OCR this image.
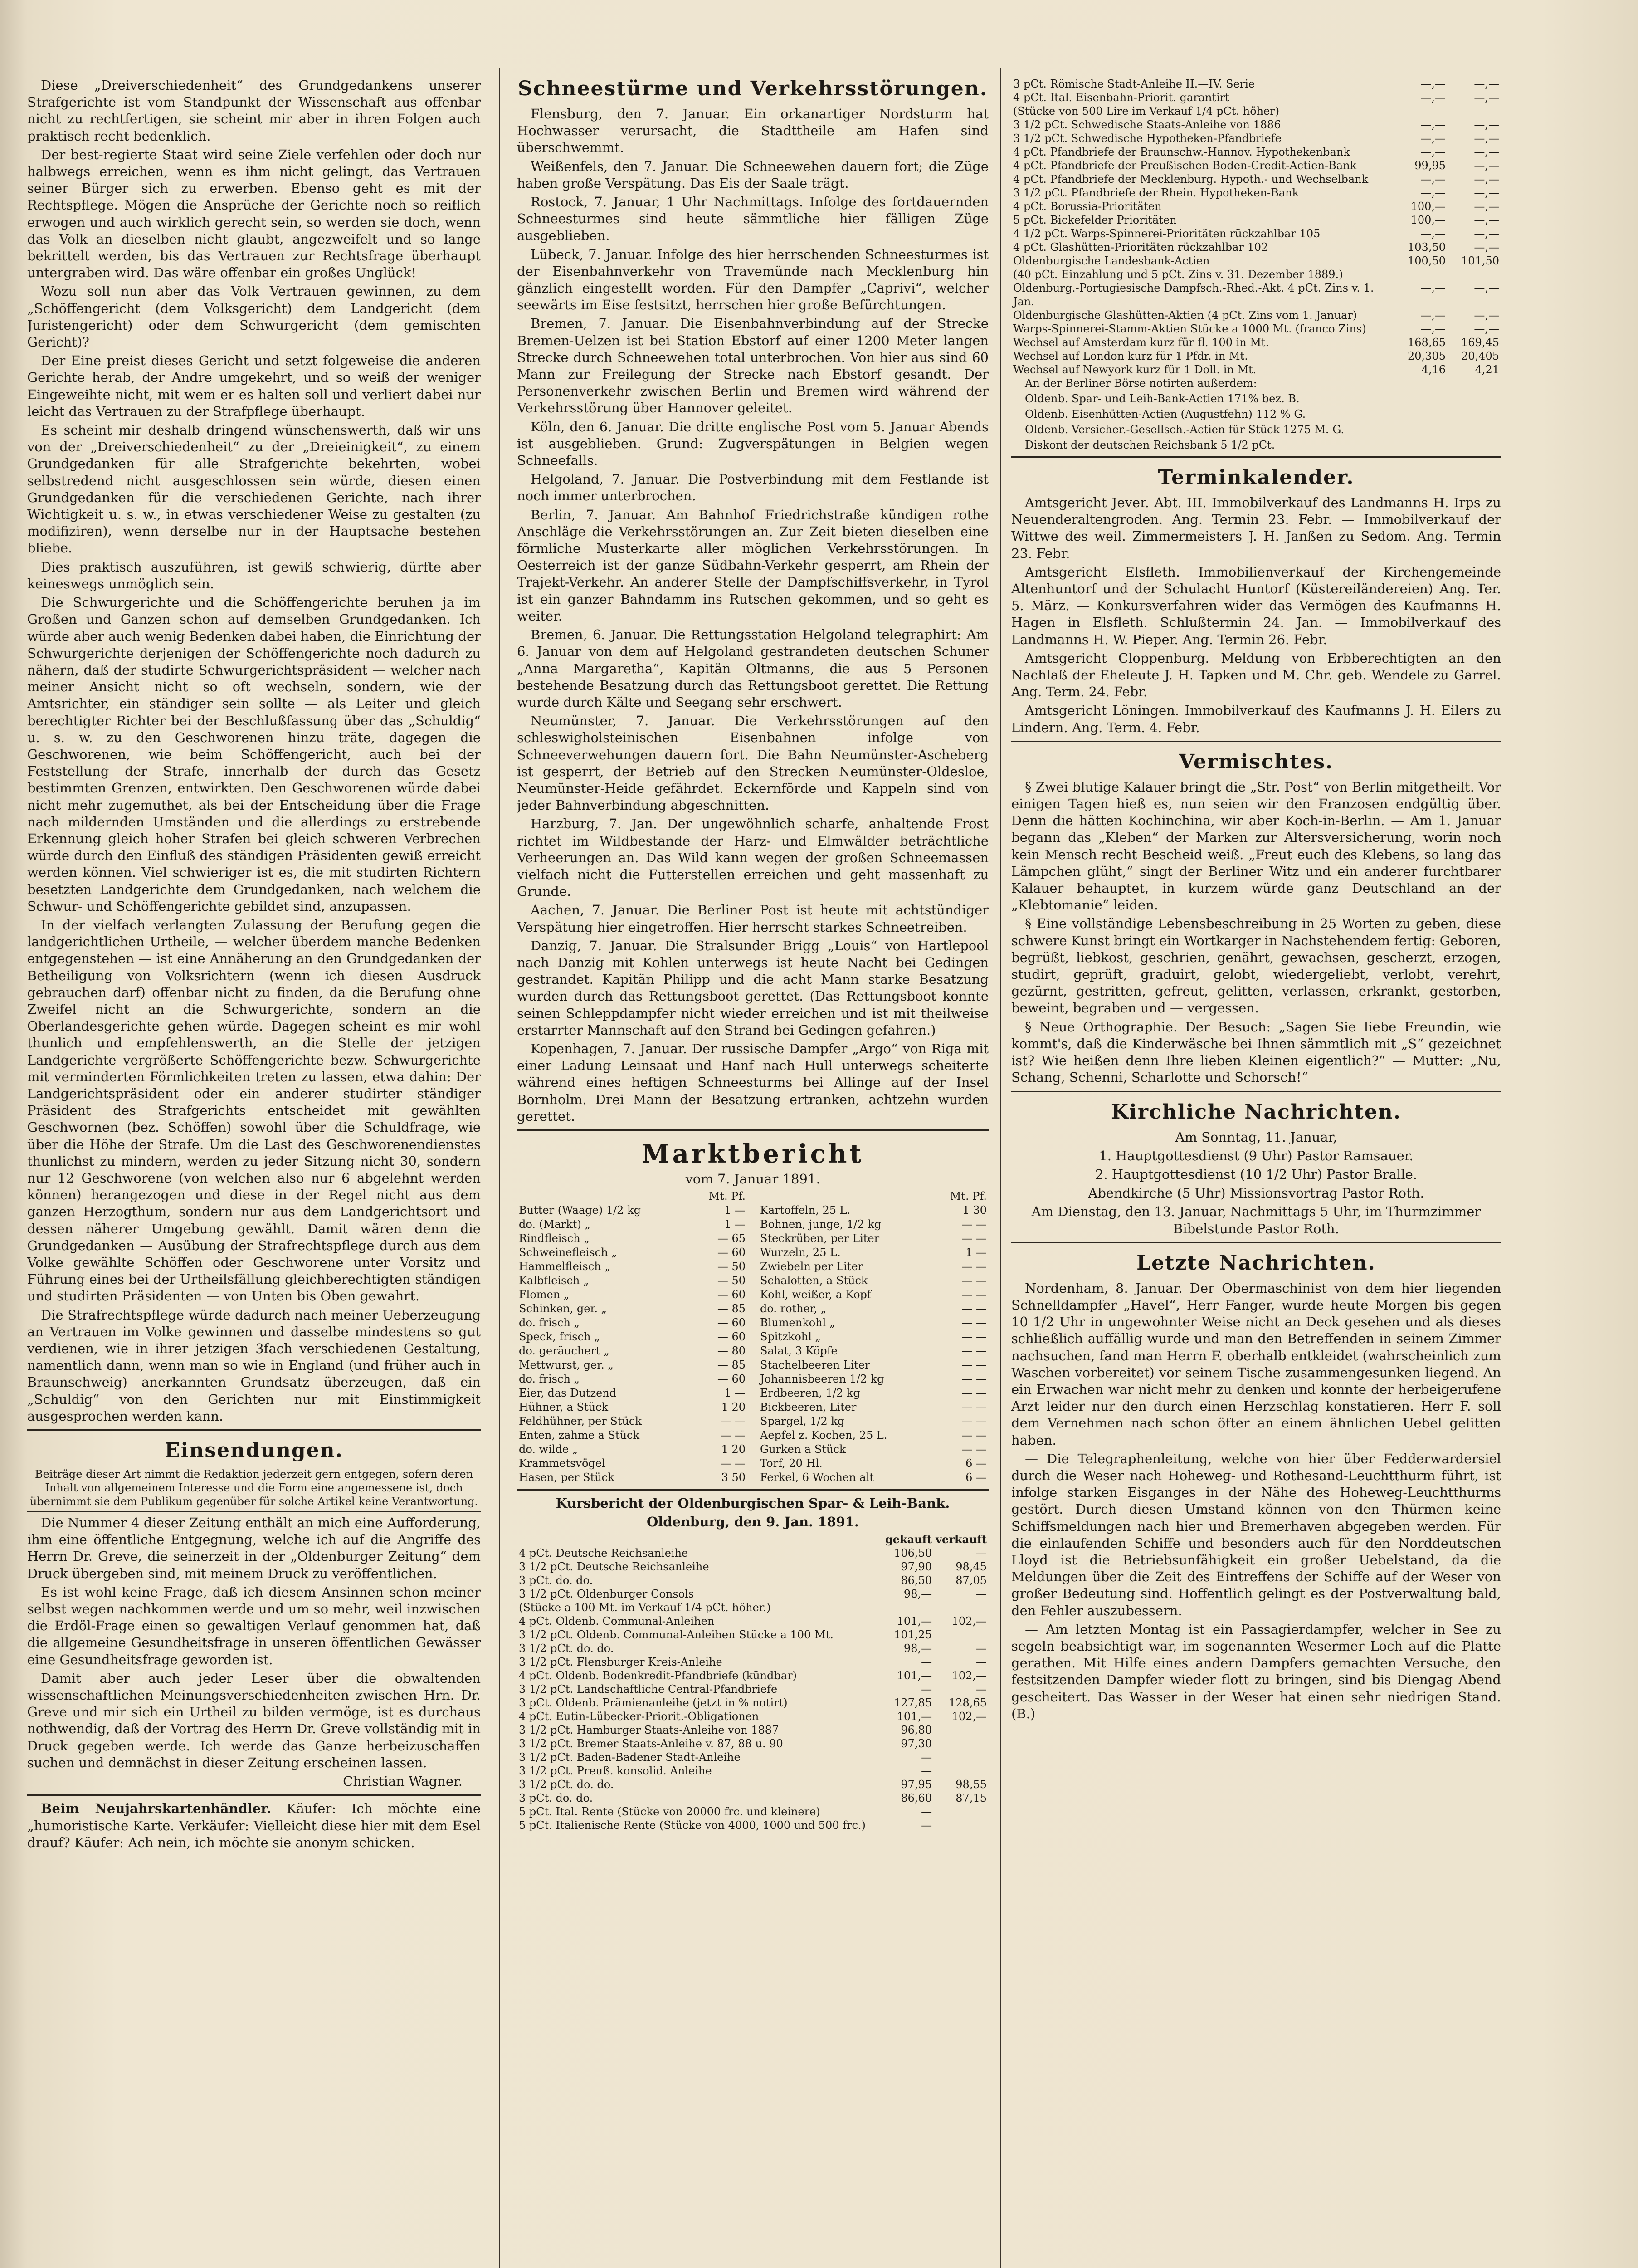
Diese „Dreiverschiedenheit“ des Grundgedankens unserer Strafgerichte ist vom Standpunkt der Wissenschaft aus offenbar nicht zu rechtfertigen, sie scheint mir aber in ihren Folgen auch praktisch recht bedenklich.

Der best-regierte Staat wird seine Ziele verfehlen oder doch nur halbwegs erreichen, wenn es ihm nicht gelingt, das Vertrauen seiner Bürger sich zu erwerben. Ebenso geht es mit der Rechtspflege. Mögen die Ansprüche der Gerichte noch so reiflich erwogen und auch wirklich gerecht sein, so werden sie doch, wenn das Volk an dieselben nicht glaubt, angezweifelt und so lange bekrittelt werden, bis das Vertrauen zur Rechtsfrage überhaupt untergraben wird. Das wäre offenbar ein großes Unglück!

Wozu soll nun aber das Volk Vertrauen gewinnen, zu dem „Schöffengericht (dem Volksgericht) dem Landgericht (dem Juristengericht) oder dem Schwurgericht (dem gemischten Gericht)?

Der Eine preist dieses Gericht und setzt folgeweise die anderen Gerichte herab, der Andre umgekehrt, und so weiß der weniger Eingeweihte nicht, mit wem er es halten soll und verliert dabei nur leicht das Vertrauen zu der Strafpflege überhaupt.

Es scheint mir deshalb dringend wünschenswerth, daß wir uns von der „Dreiverschiedenheit“ zu der „Dreieinigkeit“, zu einem Grundgedanken für alle Strafgerichte bekehrten, wobei selbstredend nicht ausgeschlossen sein würde, diesen einen Grundgedanken für die verschiedenen Gerichte, nach ihrer Wichtigkeit u. s. w., in etwas verschiedener Weise zu gestalten (zu modifiziren), wenn derselbe nur in der Hauptsache bestehen bliebe.

Dies praktisch auszuführen, ist gewiß schwierig, dürfte aber keineswegs unmöglich sein.

Die Schwurgerichte und die Schöffengerichte beruhen ja im Großen und Ganzen schon auf demselben Grundgedanken. Ich würde aber auch wenig Bedenken dabei haben, die Einrichtung der Schwurgerichte derjenigen der Schöffengerichte noch dadurch zu nähern, daß der studirte Schwurgerichtspräsident — welcher nach meiner Ansicht nicht so oft wechseln, sondern, wie der Amtsrichter, ein ständiger sein sollte — als Leiter und gleich berechtigter Richter bei der Beschlußfassung über das „Schuldig“ u. s. w. zu den Geschworenen hinzu träte, dagegen die Geschworenen, wie beim Schöffengericht, auch bei der Feststellung der Strafe, innerhalb der durch das Gesetz bestimmten Grenzen, entwirkten. Den Geschworenen würde dabei nicht mehr zugemuthet, als bei der Entscheidung über die Frage nach mildernden Umständen und die allerdings zu erstrebende Erkennung gleich hoher Strafen bei gleich schweren Verbrechen würde durch den Einfluß des ständigen Präsidenten gewiß erreicht werden können. Viel schwieriger ist es, die mit studirten Richtern besetzten Landgerichte dem Grundgedanken, nach welchem die Schwur- und Schöffengerichte gebildet sind, anzupassen.

In der vielfach verlangten Zulassung der Berufung gegen die landgerichtlichen Urtheile, — welcher überdem manche Bedenken entgegenstehen — ist eine Annäherung an den Grundgedanken der Betheiligung von Volksrichtern (wenn ich diesen Ausdruck gebrauchen darf) offenbar nicht zu finden, da die Berufung ohne Zweifel nicht an die Schwurgerichte, sondern an die Oberlandesgerichte gehen würde. Dagegen scheint es mir wohl thunlich und empfehlenswerth, an die Stelle der jetzigen Landgerichte vergrößerte Schöffengerichte bezw. Schwurgerichte mit verminderten Förmlichkeiten treten zu lassen, etwa dahin: Der Landgerichtspräsident oder ein anderer studirter ständiger Präsident des Strafgerichts entscheidet mit gewählten Geschwornen (bez. Schöffen) sowohl über die Schuldfrage, wie über die Höhe der Strafe. Um die Last des Geschworenendienstes thunlichst zu mindern, werden zu jeder Sitzung nicht 30, sondern nur 12 Geschworene (von welchen also nur 6 abgelehnt werden können) herangezogen und diese in der Regel nicht aus dem ganzen Herzogthum, sondern nur aus dem Landgerichtsort und dessen näherer Umgebung gewählt. Damit wären denn die Grundgedanken — Ausübung der Strafrechtspflege durch aus dem Volke gewählte Schöffen oder Geschworene unter Vorsitz und Führung eines bei der Urtheilsfällung gleichberechtigten ständigen und studirten Präsidenten — von Unten bis Oben gewahrt.

Die Strafrechtspflege würde dadurch nach meiner Ueberzeugung an Vertrauen im Volke gewinnen und dasselbe mindestens so gut verdienen, wie in ihrer jetzigen 3fach verschiedenen Gestaltung, namentlich dann, wenn man so wie in England (und früher auch in Braunschweig) anerkannten Grundsatz überzeugen, daß ein „Schuldig“ von den Gerichten nur mit Einstimmigkeit ausgesprochen werden kann.

Einsendungen.

Beiträge dieser Art nimmt die Redaktion jederzeit gern entgegen, sofern deren Inhalt von allgemeinem Interesse und die Form eine angemessene ist, doch übernimmt sie dem Publikum gegenüber für solche Artikel keine Verantwortung.

Die Nummer 4 dieser Zeitung enthält an mich eine Aufforderung, ihm eine öffentliche Entgegnung, welche ich auf die Angriffe des Herrn Dr. Greve, die seinerzeit in der „Oldenburger Zeitung“ dem Druck übergeben sind, mit meinem Druck zu veröffentlichen.

Es ist wohl keine Frage, daß ich diesem Ansinnen schon meiner selbst wegen nachkommen werde und um so mehr, weil inzwischen die Erdöl-Frage einen so gewaltigen Verlauf genommen hat, daß die allgemeine Gesundheitsfrage in unseren öffentlichen Gewässer eine Gesundheitsfrage geworden ist.

Damit aber auch jeder Leser über die obwaltenden wissenschaftlichen Meinungsverschiedenheiten zwischen Hrn. Dr. Greve und mir sich ein Urtheil zu bilden vermöge, ist es durchaus nothwendig, daß der Vortrag des Herrn Dr. Greve vollständig mit in Druck gegeben werde. Ich werde das Ganze herbeizuschaffen suchen und demnächst in dieser Zeitung erscheinen lassen.

Christian Wagner.

Beim Neujahrskartenhändler. Käufer: Ich möchte eine „humoristische Karte. Verkäufer: Vielleicht diese hier mit dem Esel drauf? Käufer: Ach nein, ich möchte sie anonym schicken.

Schneestürme und Verkehrsstörungen.

Flensburg, den 7. Januar. Ein orkanartiger Nordsturm hat Hochwasser verursacht, die Stadttheile am Hafen sind überschwemmt.

Weißenfels, den 7. Januar. Die Schneewehen dauern fort; die Züge haben große Verspätung. Das Eis der Saale trägt.

Rostock, 7. Januar, 1 Uhr Nachmittags. Infolge des fortdauernden Schneesturmes sind heute sämmtliche hier fälligen Züge ausgeblieben.

Lübeck, 7. Januar. Infolge des hier herrschenden Schneesturmes ist der Eisenbahnverkehr von Travemünde nach Mecklenburg hin gänzlich eingestellt worden. Für den Dampfer „Caprivi“, welcher seewärts im Eise festsitzt, herrschen hier große Befürchtungen.

Bremen, 7. Januar. Die Eisenbahnverbindung auf der Strecke Bremen-Uelzen ist bei Station Ebstorf auf einer 1200 Meter langen Strecke durch Schneewehen total unterbrochen. Von hier aus sind 60 Mann zur Freilegung der Strecke nach Ebstorf gesandt. Der Personenverkehr zwischen Berlin und Bremen wird während der Verkehrsstörung über Hannover geleitet.

Köln, den 6. Januar. Die dritte englische Post vom 5. Januar Abends ist ausgeblieben. Grund: Zugverspätungen in Belgien wegen Schneefalls.

Helgoland, 7. Januar. Die Postverbindung mit dem Festlande ist noch immer unterbrochen.

Berlin, 7. Januar. Am Bahnhof Friedrichstraße kündigen rothe Anschläge die Verkehrsstörungen an. Zur Zeit bieten dieselben eine förmliche Musterkarte aller möglichen Verkehrsstörungen. In Oesterreich ist der ganze Südbahn-Verkehr gesperrt, am Rhein der Trajekt-Verkehr. An anderer Stelle der Dampfschiffsverkehr, in Tyrol ist ein ganzer Bahndamm ins Rutschen gekommen, und so geht es weiter.

Bremen, 6. Januar. Die Rettungsstation Helgoland telegraphirt: Am 6. Januar von dem auf Helgoland gestrandeten deutschen Schuner „Anna Margaretha“, Kapitän Oltmanns, die aus 5 Personen bestehende Besatzung durch das Rettungsboot gerettet. Die Rettung wurde durch Kälte und Seegang sehr erschwert.

Neumünster, 7. Januar. Die Verkehrsstörungen auf den schleswigholsteinischen Eisenbahnen infolge von Schneeverwehungen dauern fort. Die Bahn Neumünster-Ascheberg ist gesperrt, der Betrieb auf den Strecken Neumünster-Oldesloe, Neumünster-Heide gefährdet. Eckernförde und Kappeln sind von jeder Bahnverbindung abgeschnitten.

Harzburg, 7. Jan. Der ungewöhnlich scharfe, anhaltende Frost richtet im Wildbestande der Harz- und Elmwälder beträchtliche Verheerungen an. Das Wild kann wegen der großen Schneemassen vielfach nicht die Futterstellen erreichen und geht massenhaft zu Grunde.

Aachen, 7. Januar. Die Berliner Post ist heute mit achtstündiger Verspätung hier eingetroffen. Hier herrscht starkes Schneetreiben.

Danzig, 7. Januar. Die Stralsunder Brigg „Louis“ von Hartlepool nach Danzig mit Kohlen unterwegs ist heute Nacht bei Gedingen gestrandet. Kapitän Philipp und die acht Mann starke Besatzung wurden durch das Rettungsboot gerettet. (Das Rettungsboot konnte seinen Schleppdampfer nicht wieder erreichen und ist mit theilweise erstarrter Mannschaft auf den Strand bei Gedingen gefahren.)

Kopenhagen, 7. Januar. Der russische Dampfer „Argo“ von Riga mit einer Ladung Leinsaat und Hanf nach Hull unterwegs scheiterte während eines heftigen Schneesturms bei Allinge auf der Insel Bornholm. Drei Mann der Besatzung ertranken, achtzehn wurden gerettet.

Marktbericht

vom 7. Januar 1891.

	Mt. Pf.
Butter (Waage) 1/2 kg	1 —
do. (Markt) „	1 —
Rindfleisch „	— 65
Schweinefleisch „	— 60
Hammelfleisch „	— 50
Kalbfleisch „	— 50
Flomen „	— 60
Schinken, ger. „	— 85
do. frisch „	— 60
Speck, frisch „	— 60
do. geräuchert „	— 80
Mettwurst, ger. „	— 85
do. frisch „	— 60
Eier, das Dutzend	1 —
Hühner, a Stück	1 20
Feldhühner, per Stück	— —
Enten, zahme a Stück	— —
do. wilde „	1 20
Krammetsvögel	— —
Hasen, per Stück	3 50
	Mt. Pf.
Kartoffeln, 25 L.	1 30
Bohnen, junge, 1/2 kg	— —
Steckrüben, per Liter	— —
Wurzeln, 25 L.	1 —
Zwiebeln per Liter	— —
Schalotten, a Stück	— —
Kohl, weißer, a Kopf	— —
do. rother, „	— —
Blumenkohl „	— —
Spitzkohl „	— —
Salat, 3 Köpfe	— —
Stachelbeeren Liter	— —
Johannisbeeren 1/2 kg	— —
Erdbeeren, 1/2 kg	— —
Bickbeeren, Liter	— —
Spargel, 1/2 kg	— —
Aepfel z. Kochen, 25 L.	— —
Gurken a Stück	— —
Torf, 20 Hl.	6 —
Ferkel, 6 Wochen alt	6 —

Kursbericht der Oldenburgischen Spar- & Leih-Bank.

Oldenburg, den 9. Jan. 1891.

	gekauft	verkauft
4 pCt. Deutsche Reichsanleihe	106,50	—
3 1/2 pCt. Deutsche Reichsanleihe	97,90	98,45
3 pCt. do. do.	86,50	87,05
3 1/2 pCt. Oldenburger Consols	98,—	—
(Stücke a 100 Mt. im Verkauf 1/4 pCt. höher.)		
4 pCt. Oldenb. Communal-Anleihen	101,—	102,—
3 1/2 pCt. Oldenb. Communal-Anleihen Stücke a 100 Mt.	101,25	
3 1/2 pCt. do. do.	98,—	—
3 1/2 pCt. Flensburger Kreis-Anleihe	—	—
4 pCt. Oldenb. Bodenkredit-Pfandbriefe (kündbar)	101,—	102,—
3 1/2 pCt. Landschaftliche Central-Pfandbriefe	—	—
3 pCt. Oldenb. Prämienanleihe (jetzt in % notirt)	127,85	128,65
4 pCt. Eutin-Lübecker-Priorit.-Obligationen	101,—	102,—
3 1/2 pCt. Hamburger Staats-Anleihe von 1887	96,80	
3 1/2 pCt. Bremer Staats-Anleihe v. 87, 88 u. 90	97,30	
3 1/2 pCt. Baden-Badener Stadt-Anleihe	—	
3 1/2 pCt. Preuß. konsolid. Anleihe	—	
3 1/2 pCt. do. do.	97,95	98,55
3 pCt. do. do.	86,60	87,15
5 pCt. Ital. Rente (Stücke von 20000 frc. und kleinere)	—	
5 pCt. Italienische Rente (Stücke von 4000, 1000 und 500 frc.)	—	
3 pCt. Römische Stadt-Anleihe II.—IV. Serie	—,—	—,—
4 pCt. Ital. Eisenbahn-Priorit. garantirt	—,—	—,—
(Stücke von 500 Lire im Verkauf 1/4 pCt. höher)		
3 1/2 pCt. Schwedische Staats-Anleihe von 1886	—,—	—,—
3 1/2 pCt. Schwedische Hypotheken-Pfandbriefe	—,—	—,—
4 pCt. Pfandbriefe der Braunschw.-Hannov. Hypothekenbank	—,—	—,—
4 pCt. Pfandbriefe der Preußischen Boden-Credit-Actien-Bank	99,95	—,—
4 pCt. Pfandbriefe der Mecklenburg. Hypoth.- und Wechselbank	—,—	—,—
3 1/2 pCt. Pfandbriefe der Rhein. Hypotheken-Bank	—,—	—,—
4 pCt. Borussia-Prioritäten	100,—	—,—
5 pCt. Bickefelder Prioritäten	100,—	—,—
4 1/2 pCt. Warps-Spinnerei-Prioritäten rückzahlbar 105	—,—	—,—
4 pCt. Glashütten-Prioritäten rückzahlbar 102	103,50	—,—
Oldenburgische Landesbank-Actien	100,50	101,50
(40 pCt. Einzahlung und 5 pCt. Zins v. 31. Dezember 1889.)		
Oldenburg.-Portugiesische Dampfsch.-Rhed.-Akt. 4 pCt. Zins v. 1. Jan.	—,—	—,—
Oldenburgische Glashütten-Aktien (4 pCt. Zins vom 1. Januar)	—,—	—,—
Warps-Spinnerei-Stamm-Aktien Stücke a 1000 Mt. (franco Zins)	—,—	—,—
Wechsel auf Amsterdam kurz für fl. 100 in Mt.	168,65	169,45
Wechsel auf London kurz für 1 Pfdr. in Mt.	20,305	20,405
Wechsel auf Newyork kurz für 1 Doll. in Mt.	4,16	4,21

An der Berliner Börse notirten außerdem:

Oldenb. Spar- und Leih-Bank-Actien 171% bez. B.

Oldenb. Eisenhütten-Actien (Augustfehn) 112 % G.

Oldenb. Versicher.-Gesellsch.-Actien für Stück 1275 M. G.

Diskont der deutschen Reichsbank 5 1/2 pCt.

Terminkalender.

Amtsgericht Jever. Abt. III. Immobilverkauf des Landmanns H. Irps zu Neuenderaltengroden. Ang. Termin 23. Febr. — Immobilverkauf der Wittwe des weil. Zimmermeisters J. H. Janßen zu Sedom. Ang. Termin 23. Febr.

Amtsgericht Elsfleth. Immobilienverkauf der Kirchengemeinde Altenhuntorf und der Schulacht Huntorf (Küstereiländereien) Ang. Ter. 5. März. — Konkursverfahren wider das Vermögen des Kaufmanns H. Hagen in Elsfleth. Schlußtermin 24. Jan. — Immobilverkauf des Landmanns H. W. Pieper. Ang. Termin 26. Febr.

Amtsgericht Cloppenburg. Meldung von Erbberechtigten an den Nachlaß der Eheleute J. H. Tapken und M. Chr. geb. Wendele zu Garrel. Ang. Term. 24. Febr.

Amtsgericht Löningen. Immobilverkauf des Kaufmanns J. H. Eilers zu Lindern. Ang. Term. 4. Febr.

Vermischtes.

§ Zwei blutige Kalauer bringt die „Str. Post“ von Berlin mitgetheilt. Vor einigen Tagen hieß es, nun seien wir den Franzosen endgültig über. Denn die hätten Kochinchina, wir aber Koch-in-Berlin. — Am 1. Januar begann das „Kleben“ der Marken zur Altersversicherung, worin noch kein Mensch recht Bescheid weiß. „Freut euch des Klebens, so lang das Lämpchen glüht,“ singt der Berliner Witz und ein anderer furchtbarer Kalauer behauptet, in kurzem würde ganz Deutschland an der „Klebtomanie“ leiden.

§ Eine vollständige Lebensbeschreibung in 25 Worten zu geben, diese schwere Kunst bringt ein Wortkarger in Nachstehendem fertig: Geboren, begrüßt, liebkost, geschrien, genährt, gewachsen, gescherzt, erzogen, studirt, geprüft, graduirt, gelobt, wiedergeliebt, verlobt, verehrt, gezürnt, gestritten, gefreut, gelitten, verlassen, erkrankt, gestorben, beweint, begraben und — vergessen.

§ Neue Orthographie. Der Besuch: „Sagen Sie liebe Freundin, wie kommt's, daß die Kinderwäsche bei Ihnen sämmtlich mit „S“ gezeichnet ist? Wie heißen denn Ihre lieben Kleinen eigentlich?“ — Mutter: „Nu, Schang, Schenni, Scharlotte und Schorsch!“

Kirchliche Nachrichten.

Am Sonntag, 11. Januar,

1. Hauptgottesdienst (9 Uhr) Pastor Ramsauer.

2. Hauptgottesdienst (10 1/2 Uhr) Pastor Bralle.

Abendkirche (5 Uhr) Missionsvortrag Pastor Roth.

Am Dienstag, den 13. Januar, Nachmittags 5 Uhr, im Thurmzimmer Bibelstunde Pastor Roth.

Letzte Nachrichten.

Nordenham, 8. Januar. Der Obermaschinist von dem hier liegenden Schnelldampfer „Havel“, Herr Fanger, wurde heute Morgen bis gegen 10 1/2 Uhr in ungewohnter Weise nicht an Deck gesehen und als dieses schließlich auffällig wurde und man den Betreffenden in seinem Zimmer nachsuchen, fand man Herrn F. oberhalb entkleidet (wahrscheinlich zum Waschen vorbereitet) vor seinem Tische zusammengesunken liegend. An ein Erwachen war nicht mehr zu denken und konnte der herbeigerufene Arzt leider nur den durch einen Herzschlag konstatieren. Herr F. soll dem Vernehmen nach schon öfter an einem ähnlichen Uebel gelitten haben.

— Die Telegraphenleitung, welche von hier über Fedderwardersiel durch die Weser nach Hoheweg- und Rothesand-Leuchtthurm führt, ist infolge starken Eisganges in der Nähe des Hoheweg-Leuchtthurms gestört. Durch diesen Umstand können von den Thürmen keine Schiffsmeldungen nach hier und Bremerhaven abgegeben werden. Für die einlaufenden Schiffe und besonders auch für den Norddeutschen Lloyd ist die Betriebsunfähigkeit ein großer Uebelstand, da die Meldungen über die Zeit des Eintreffens der Schiffe auf der Weser von großer Bedeutung sind. Hoffentlich gelingt es der Postverwaltung bald, den Fehler auszubessern.

— Am letzten Montag ist ein Passagierdampfer, welcher in See zu segeln beabsichtigt war, im sogenannten Wesermer Loch auf die Platte gerathen. Mit Hilfe eines andern Dampfers gemachten Versuche, den festsitzenden Dampfer wieder flott zu bringen, sind bis Diengag Abend gescheitert. Das Wasser in der Weser hat einen sehr niedrigen Stand. (B.)
